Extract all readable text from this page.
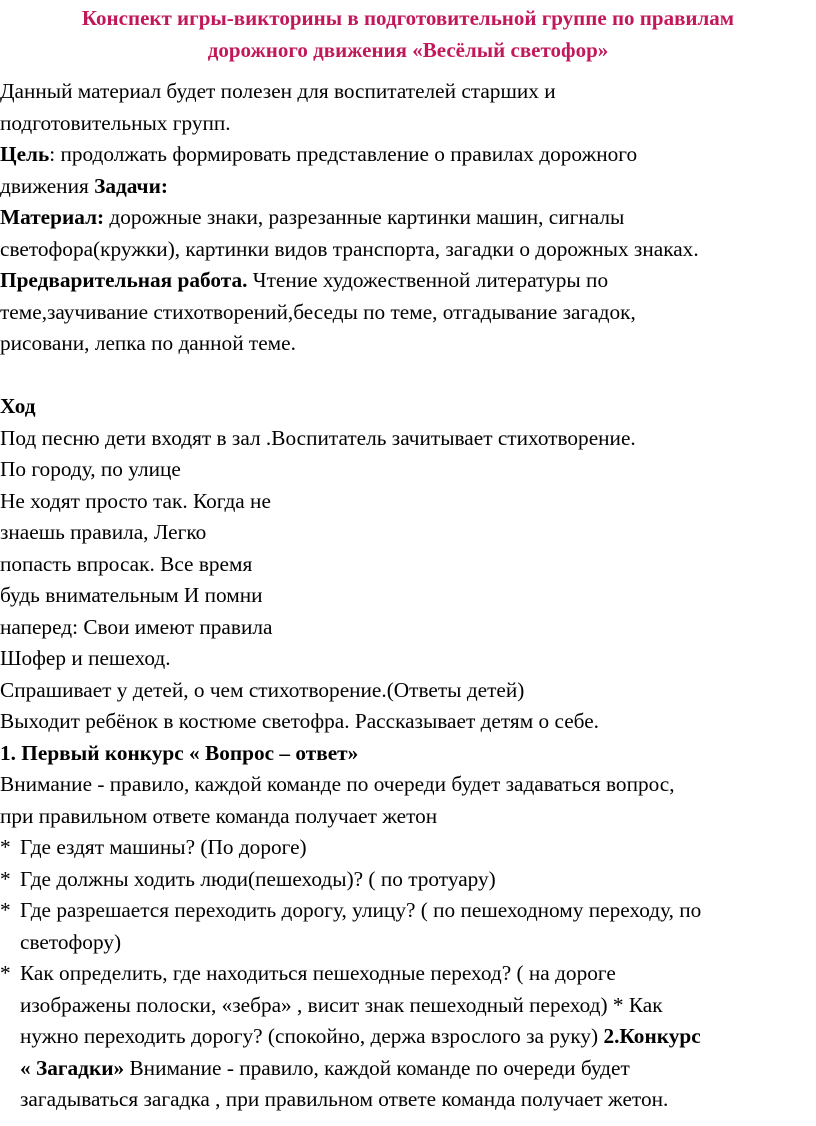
Конспект игры-викторины в подготовительной группе по правилам
дорожного движения «Весёлый светофор»
Данный материал будет полезен для воспитателей старших и
подготовительных групп.
Цель: продолжать формировать представление о правилах дорожного
движения Задачи:
Материал: дорожные знаки, разрезанные картинки машин, сигналы
светофора(кружки), картинки видов транспорта, загадки о дорожных знаках.
Предварительная работа. Чтение художественной литературы по
теме,заучивание стихотворений,беседы по теме, отгадывание загадок,
рисовани, лепка по данной теме.
Ход
Под песню дети входят в зал .Воспитатель зачитывает стихотворение.
По городу, по улице
Не ходят просто так. Когда не
знаешь правила, Легко
попасть впросак. Все время
будь внимательным И помни
наперед: Свои имеют правила
Шофер и пешеход.
Спрашивает у детей, о чем стихотворение.(Ответы детей)
Выходит ребёнок в костюме светофра. Рассказывает детям о себе.
1. Первый конкурс « Вопрос – ответ»
Внимание - правило, каждой команде по очереди будет задаваться вопрос,
при правильном ответе команда получает жетон
* Где ездят машины? (По дороге)
* Где должны ходить люди(пешеходы)? ( по тротуару)
* Где разрешается переходить дорогу, улицу? ( по пешеходному переходу, по
светофору)
* Как определить, где находиться пешеходные переход? ( на дороге
изображены полоски, «зебра» , висит знак пешеходный переход) * Как
нужно переходить дорогу? (спокойно, держа взрослого за руку) 2.Конкурс
« Загадки» Внимание - правило, каждой команде по очереди будет
загадываться загадка , при правильном ответе команда получает жетон.
